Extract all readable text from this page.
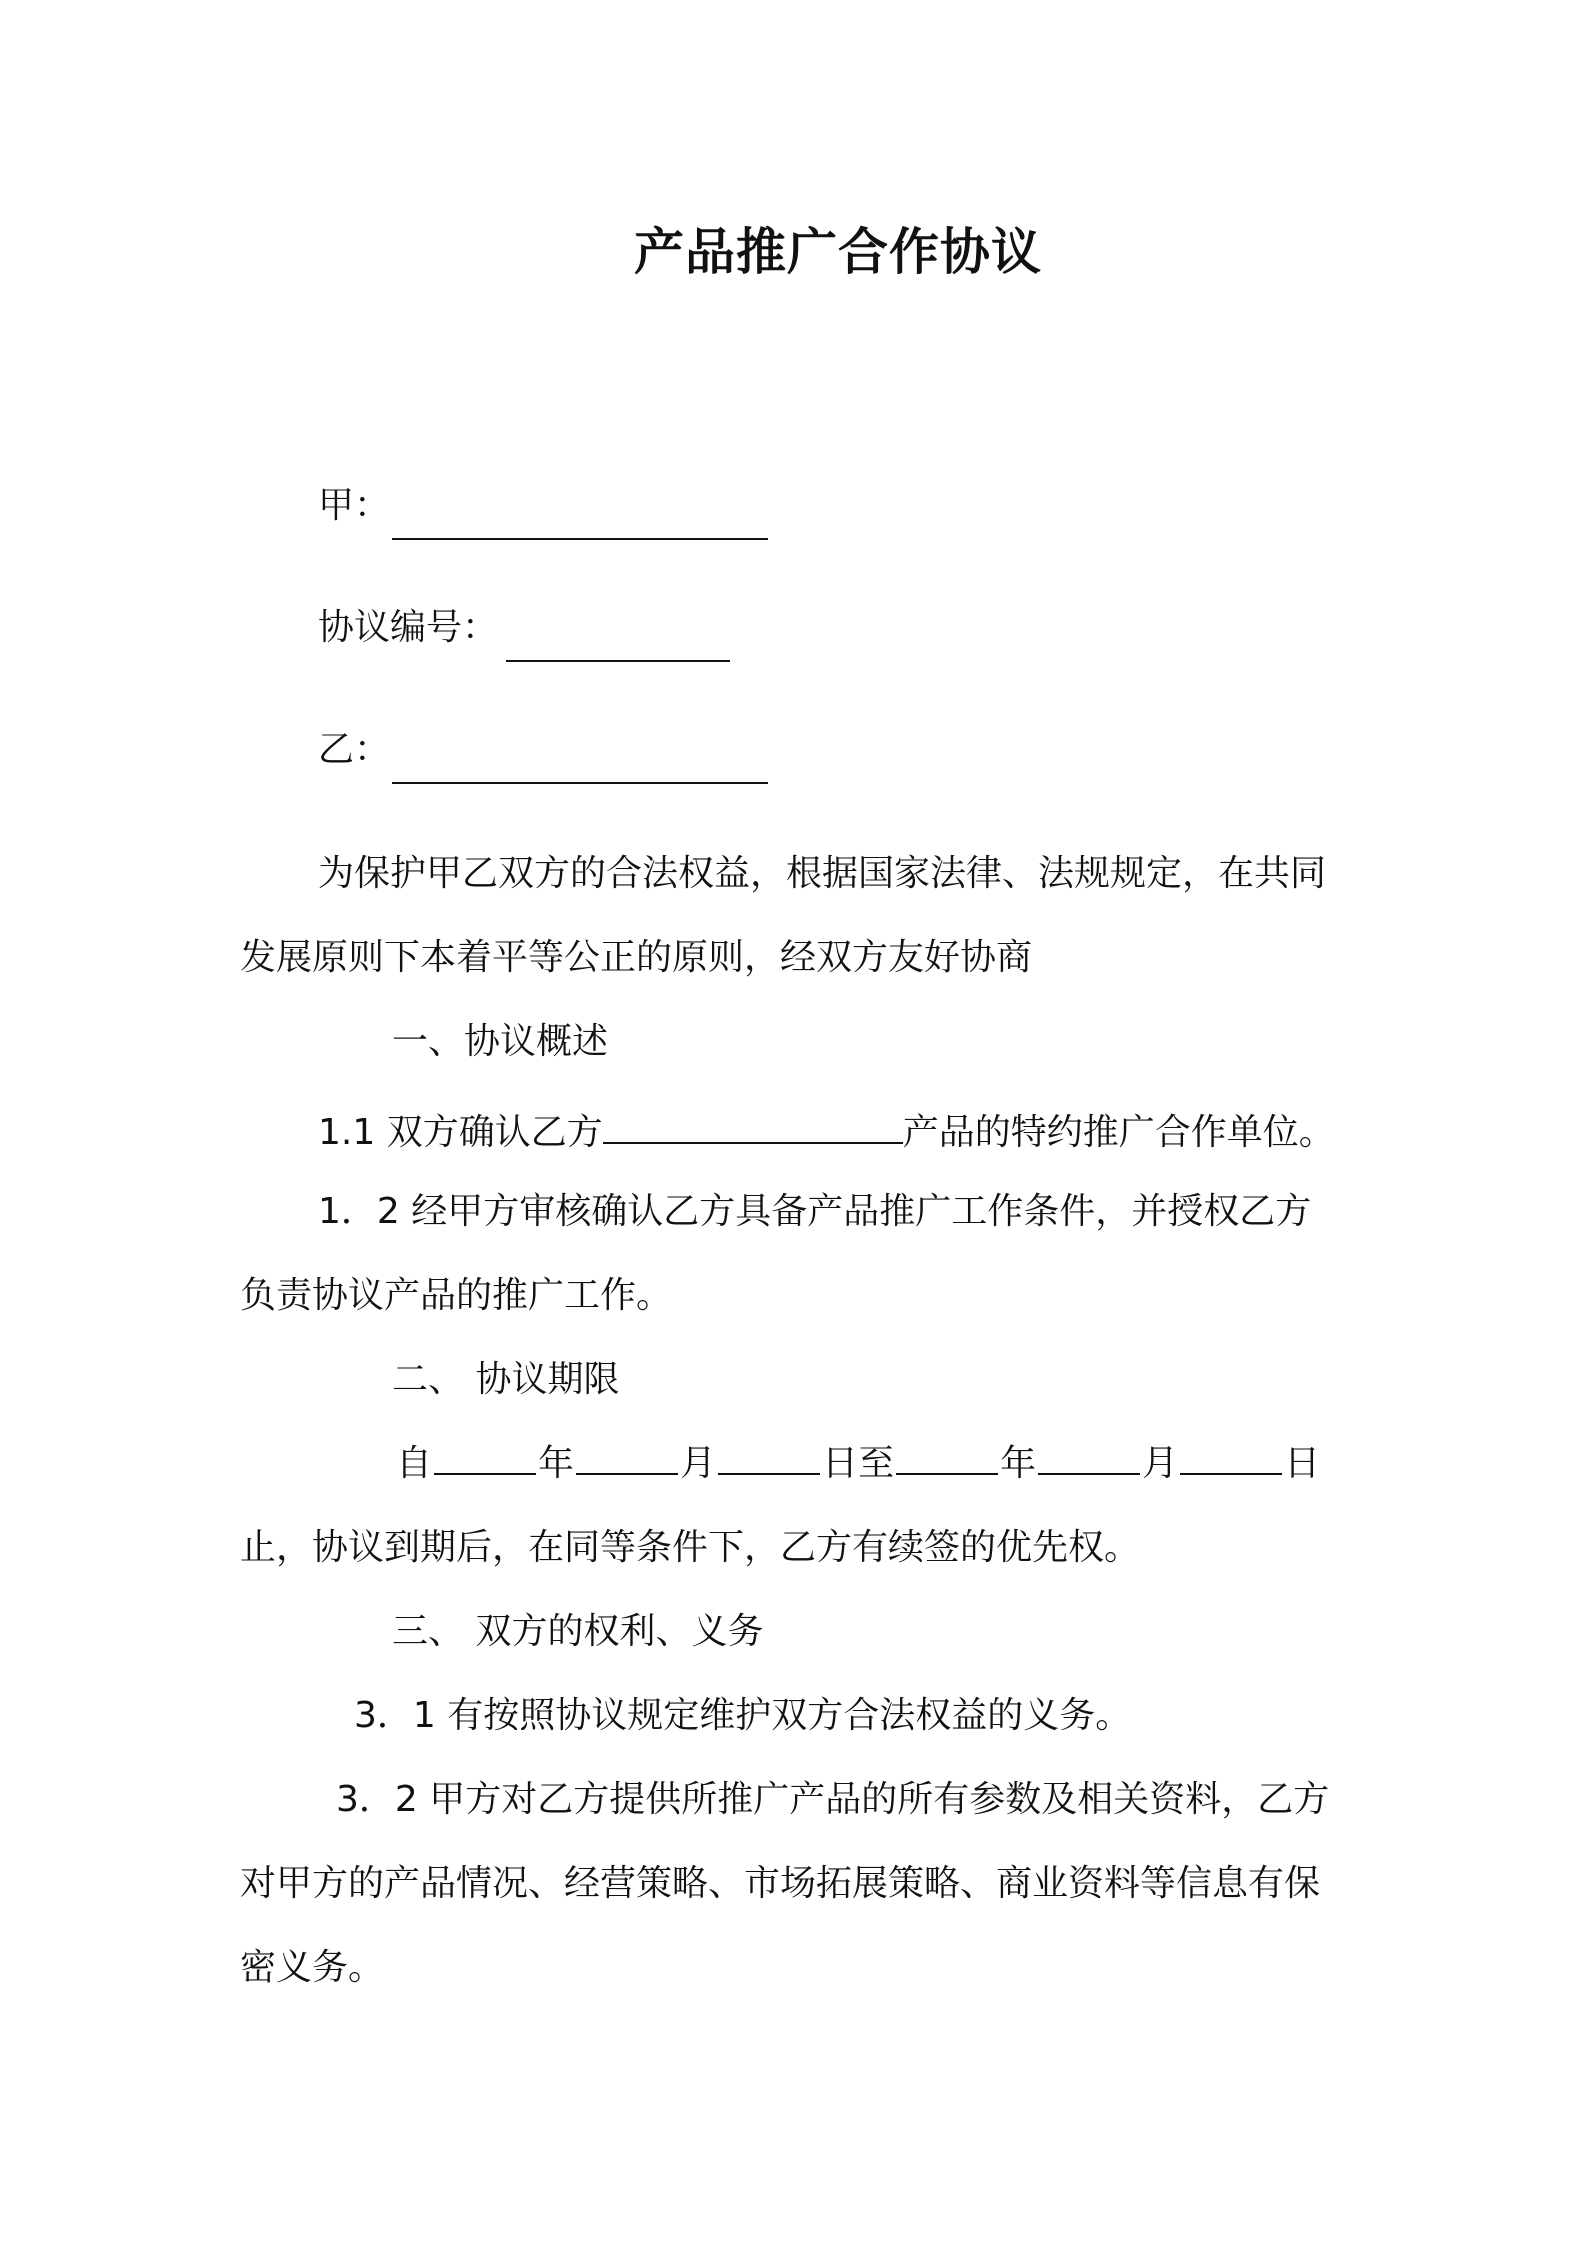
产品推广合作协议
甲：
协议编号：
乙：
为保护甲乙双方的合法权益，根据国家法律、法规规定，在共同
发展原则下本着平等公正的原则，经双方友好协商
一、协议概述
1.1 双方确认乙方	产品的特约推广合作单位。
1．2 经甲方审核确认乙方具备产品推广工作条件，并授权乙方
负责协议产品的推广工作。
二、 协议期限
自	年	月	日至	年	月	日
止，协议到期后，在同等条件下，乙方有续签的优先权。
三、 双方的权利、义务
3．1 有按照协议规定维护双方合法权益的义务。
3．2 甲方对乙方提供所推广产品的所有参数及相关资料，乙方
对甲方的产品情况、经营策略、市场拓展策略、商业资料等信息有保
密义务。
